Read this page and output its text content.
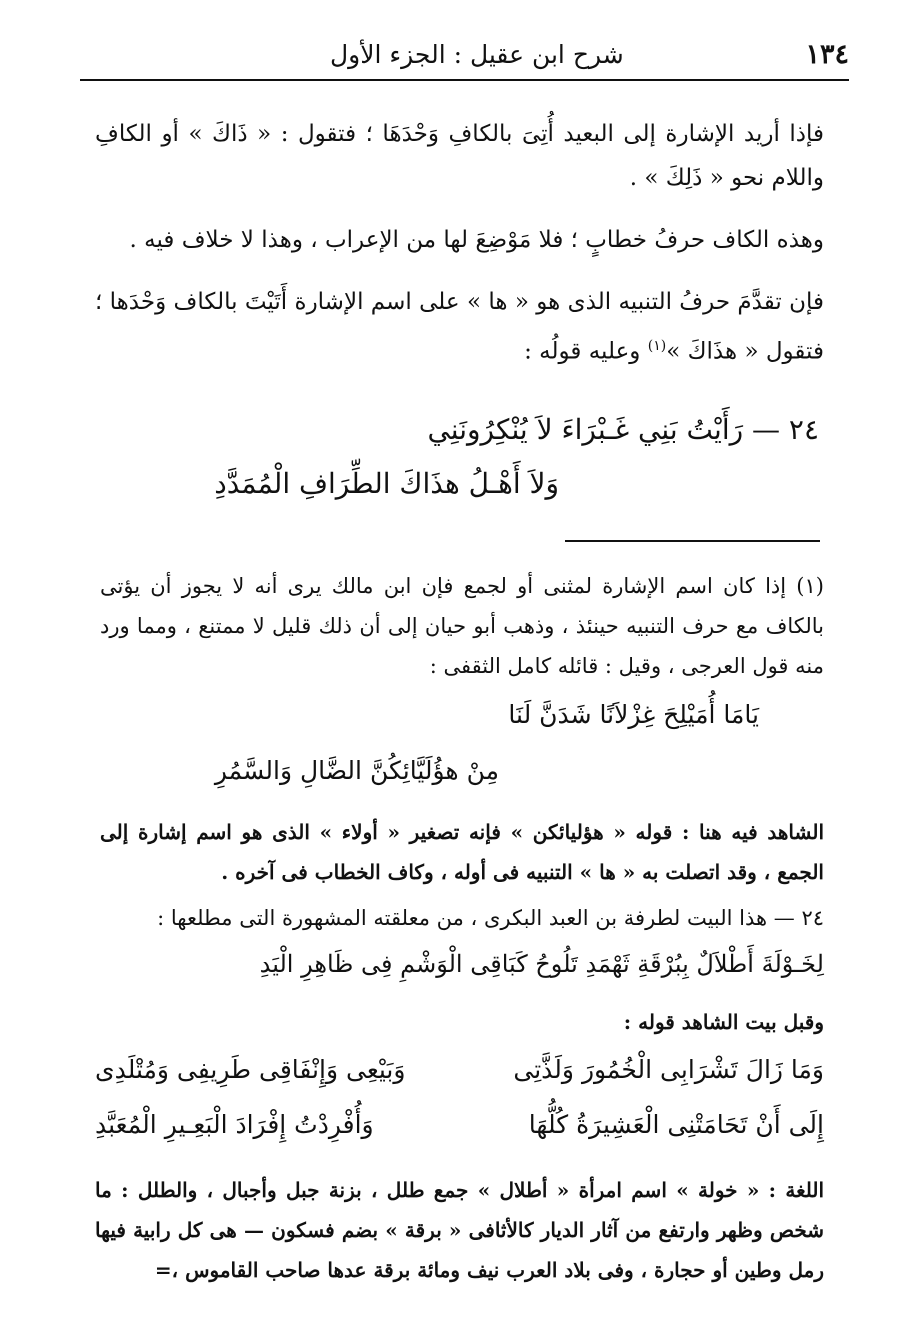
١٣٤
شرح ابن عقيل : الجزء الأول
فإذا أريد الإشارة إلى البعيد أُتِىَ بالكافِ وَحْدَهَا ؛ فتقول : « ذَاكَ » أو الكافِ واللام نحو « ذَلِكَ » .
وهذه الكاف حرفُ خطابٍ ؛ فلا مَوْضِعَ لها من الإعراب ، وهذا لا خلاف فيه .
فإن تقدَّمَ حرفُ التنبيه الذى هو « ها » على اسم الإشارة أَتَيْتَ بالكاف وَحْدَها ؛ فتقول « هذَاكَ »$^{(١)}$ وعليه قولُه :
٢٤ — رَأَيْتُ بَنِي غَـبْرَاءَ لاَ يُنْكِرُونَنِي
وَلاَ أَهْـلُ هذَاكَ الطِّرَافِ الْمُمَدَّدِ
(١) إذا كان اسم الإشارة لمثنى أو لجمع فإن ابن مالك يرى أنه لا يجوز أن يؤتى بالكاف مع حرف التنبيه حينئذ ، وذهب أبو حيان إلى أن ذلك قليل لا ممتنع ، ومما ورد منه قول العرجى ، وقيل : قائله كامل الثقفى :
يَامَا أُمَيْلِحَ غِزْلاَنًا شَدَنَّ لَنَا
مِنْ هؤُلَيَّائِكُنَّ الضَّالِ وَالسَّمُرِ
الشاهد فيه هنا : قوله « هؤليائكن » فإنه تصغير « أولاء » الذى هو اسم إشارة إلى الجمع ، وقد اتصلت به « ها » التنبيه فى أوله ، وكاف الخطاب فى آخره .
٢٤ — هذا البيت لطرفة بن العبد البكرى ، من معلقته المشهورة التى مطلعها :
لِخَـوْلَةَ أَطْلاَلٌ بِبُرْقَةِ ثَهْمَدِ تَلُوحُ كَبَاقِى الْوَشْمِ فِى ظَاهِرِ الْيَدِ
وقبل بيت الشاهد قوله :
وَمَا زَالَ تَشْرَابِى الْخُمُورَ وَلَذَّتِى
وَبَيْعِى وَإِنْفَاقِى طَرِيفِى وَمُتْلَدِى
إِلَى أَنْ تَحَامَتْنِى الْعَشِيرَةُ كُلُّهَا
وَأُفْرِدْتُ إِفْرَادَ الْبَعِـيرِ الْمُعَبَّدِ
اللغة : « خولة » اسم امرأة « أطلال » جمع طلل ، بزنة جبل وأجبال ، والطلل : ما شخص وظهر وارتفع من آثار الديار كالأثافى « برقة » بضم فسكون — هى كل رابية فيها رمل وطين أو حجارة ، وفى بلاد العرب نيف ومائة برقة عدها صاحب القاموس ،=
